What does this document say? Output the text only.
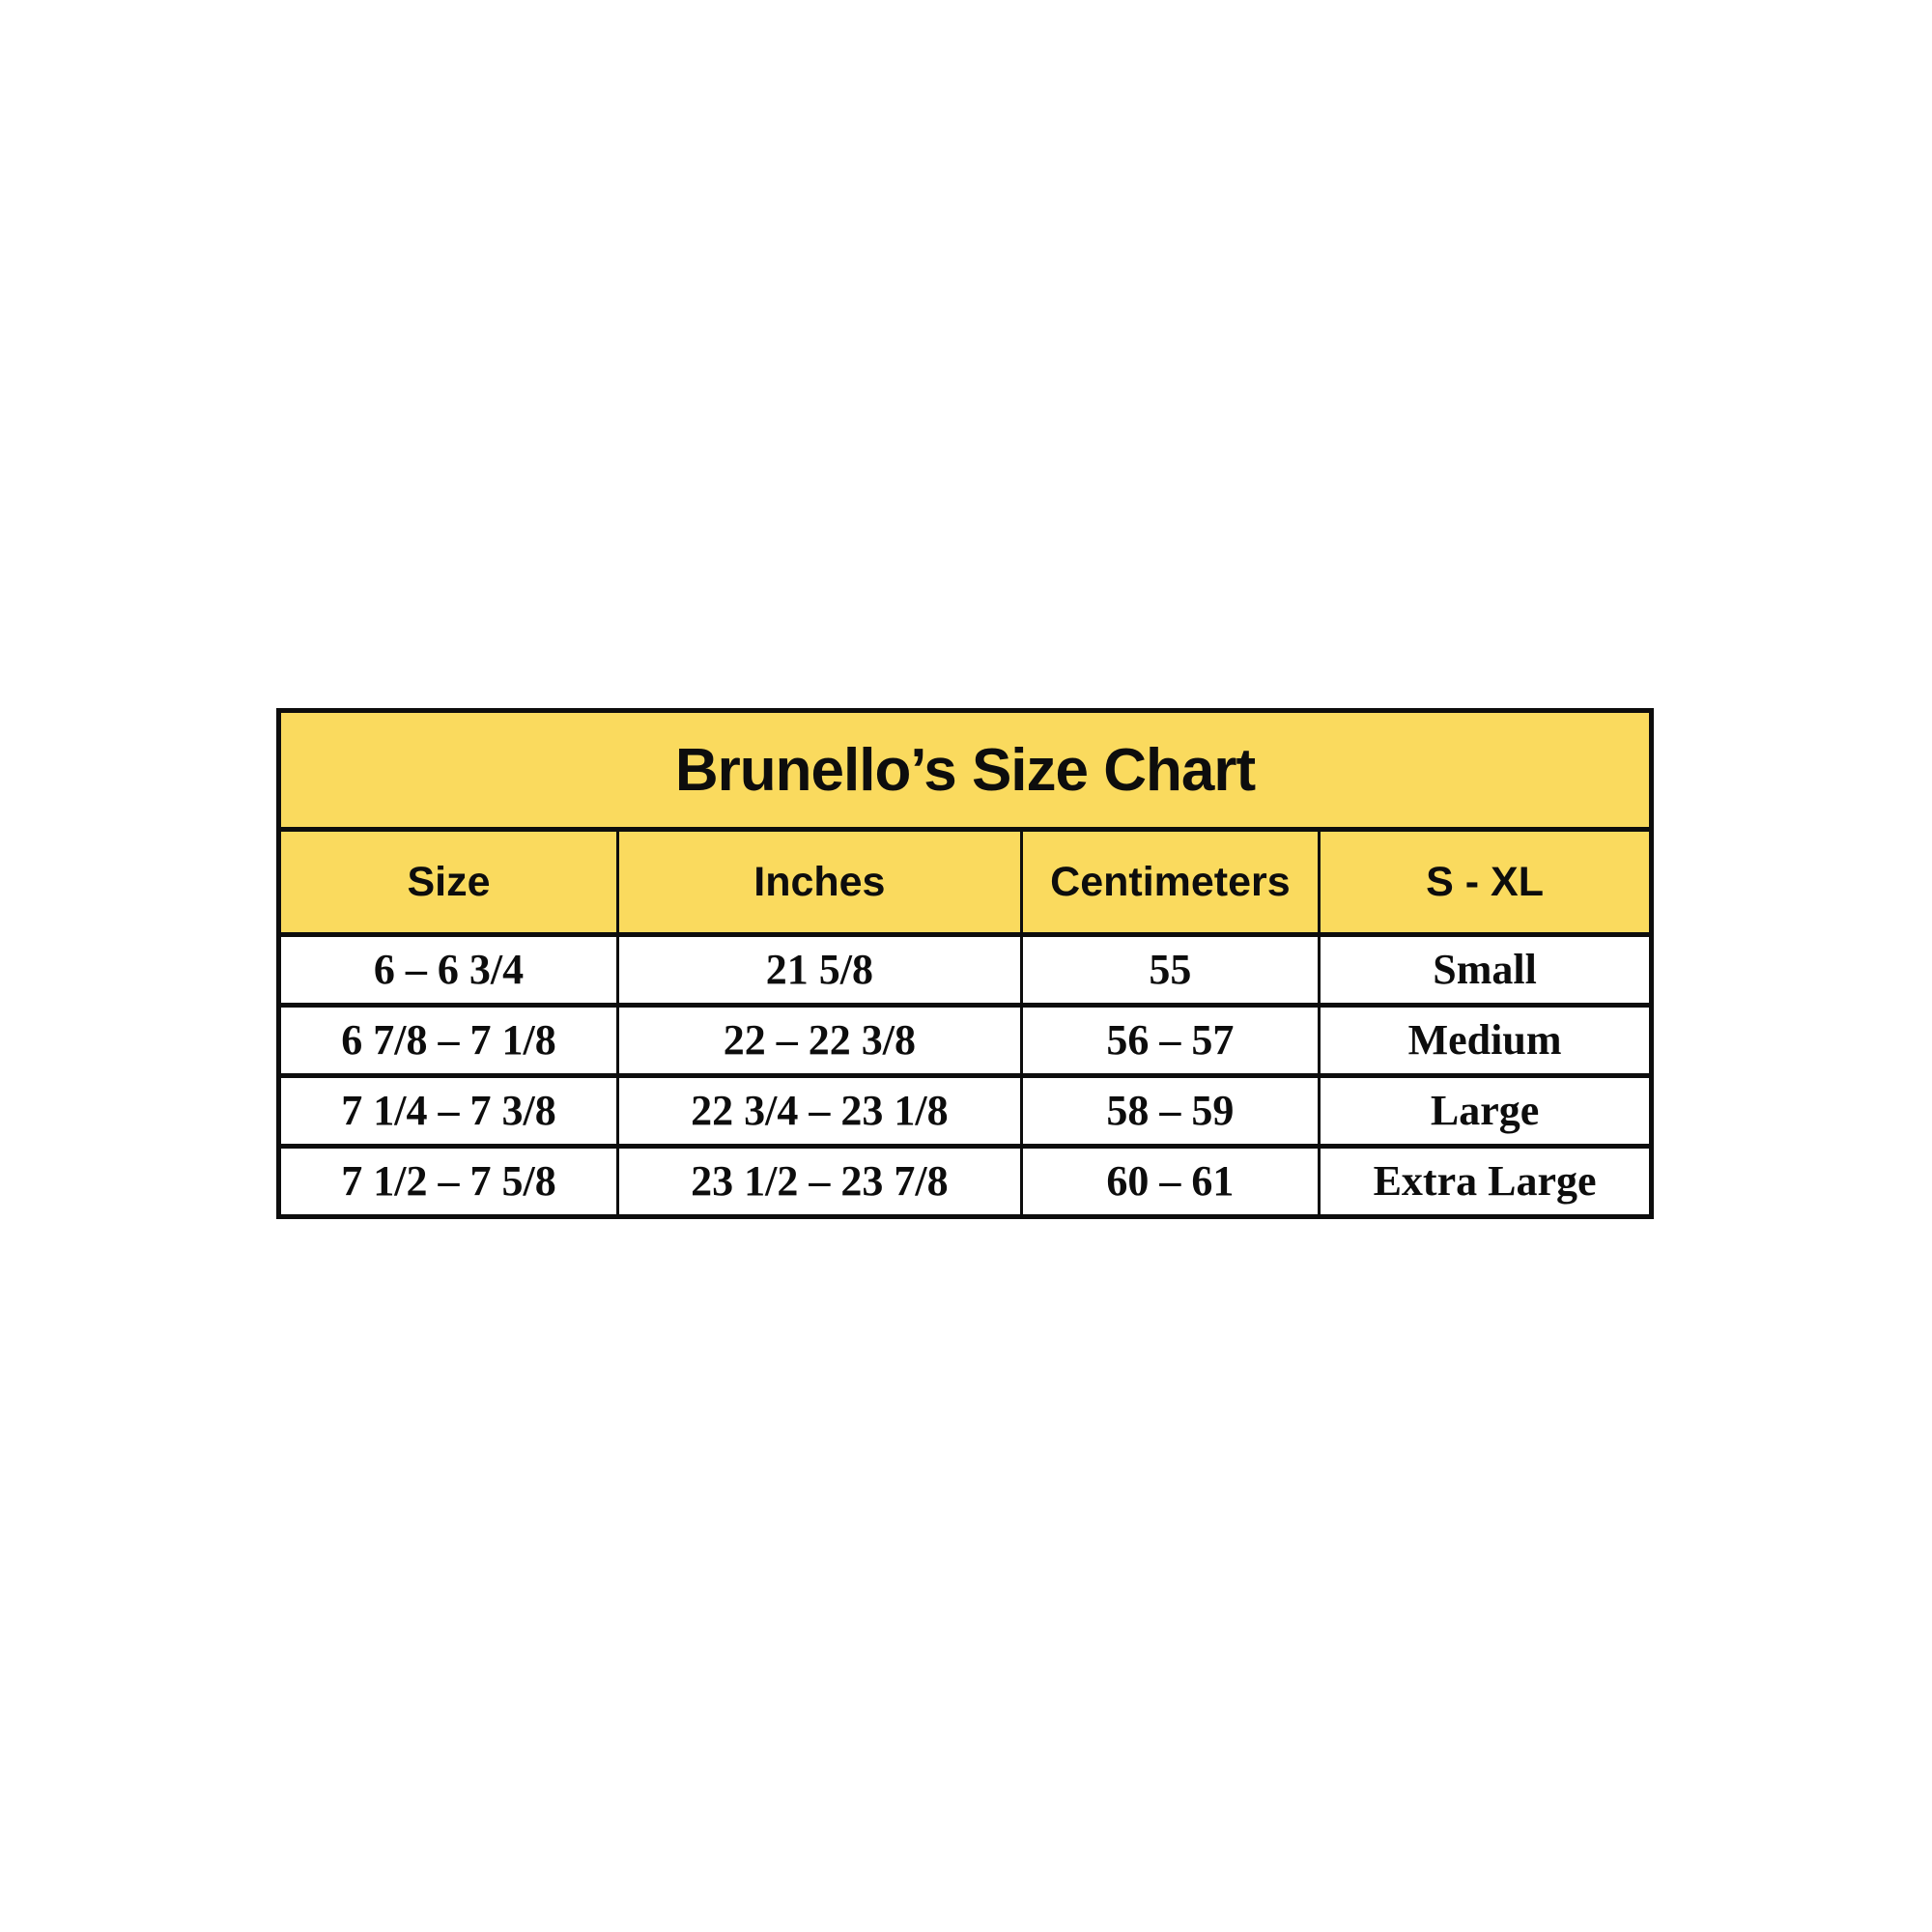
Brunello’s Size Chart			
Size	Inches	Centimeters	S - XL
6 – 6 3/4	21 5/8	55	Small
6 7/8 – 7 1/8	22 – 22 3/8	56 – 57	Medium
7 1/4 – 7 3/8	22 3/4 – 23 1/8	58 – 59	Large
7 1/2 – 7 5/8	23 1/2 – 23 7/8	60 – 61	Extra Large
